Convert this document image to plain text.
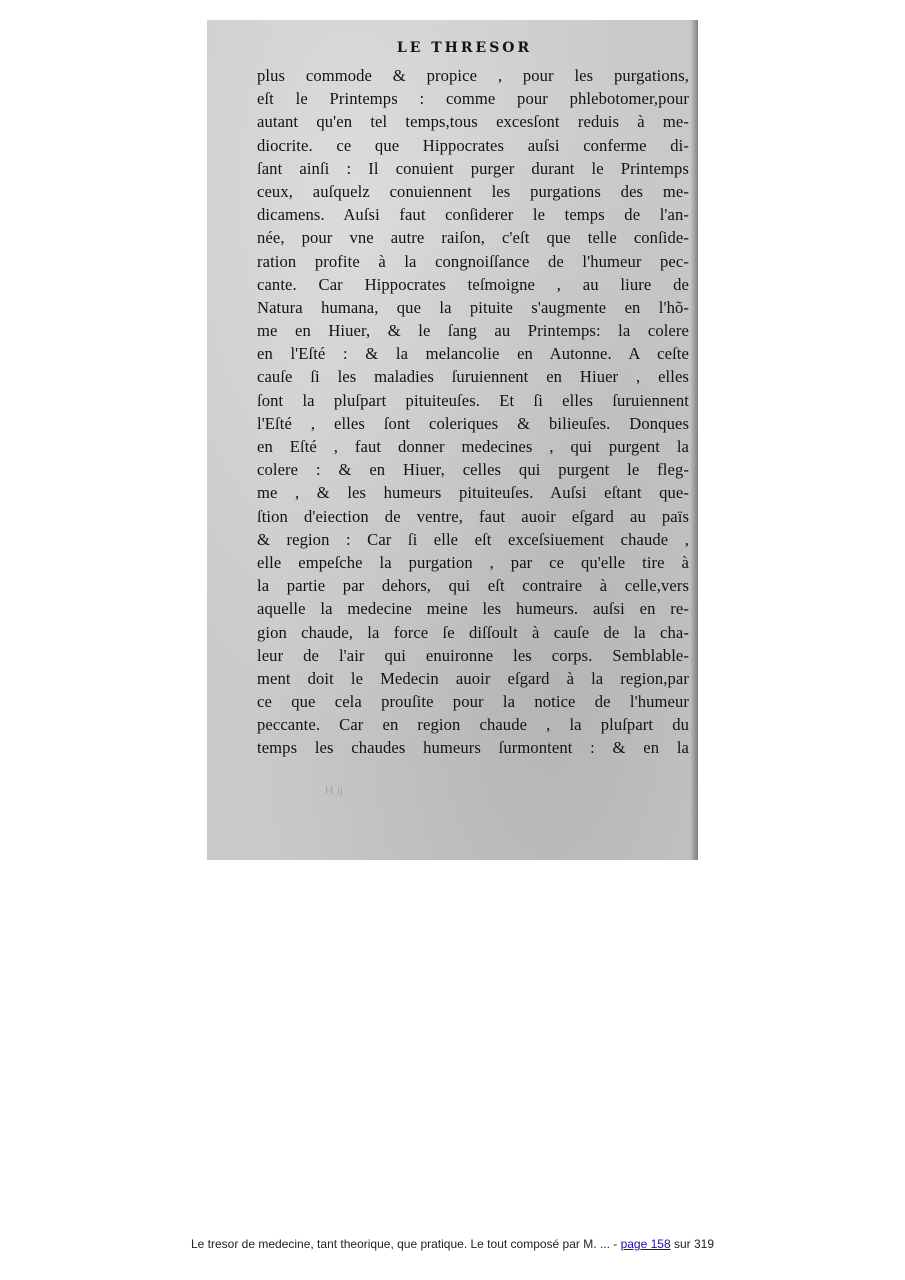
LE THRESOR
plus commode & propice , pour les purgations,
eſt le Printemps : comme pour phlebotomer,pour
autant qu'en tel temps,tous excesſont reduis à me-
diocrite. ce que Hippocrates auſsi conferme di-
ſant ainſi : Il conuient purger durant le Printemps
ceux, auſquelz conuiennent les purgations des me-
dicamens. Auſsi faut conſiderer le temps de l'an-
née, pour vne autre raiſon, c'eſt que telle conſide-
ration profite à la congnoiſſance de l'humeur pec-
cante. Car Hippocrates teſmoigne , au liure de
Natura humana, que la pituite s'augmente en l'hõ-
me en Hiuer, & le ſang au Printemps: la colere
en l'Eſté : & la melancolie en Autonne. A ceſte
cauſe ſi les maladies ſuruiennent en Hiuer , elles
ſont la pluſpart pituiteuſes. Et ſi elles ſuruiennent
l'Eſté , elles ſont coleriques & bilieuſes. Donques
en Eſté , faut donner medecines , qui purgent la
colere : & en Hiuer, celles qui purgent le fleg-
me , & les humeurs pituiteuſes. Auſsi eſtant que-
ſtion d'eiection de ventre, faut auoir eſgard au païs
& region : Car ſi elle eſt exceſsiuement chaude ,
elle empeſche la purgation , par ce qu'elle tire à
la partie par dehors, qui eſt contraire à celle,vers
aquelle la medecine meine les humeurs. auſsi en re-
gion chaude, la force ſe diſſoult à cauſe de la cha-
leur de l'air qui enuironne les corps. Semblable-
ment doit le Medecin auoir eſgard à la region,par
ce que cela prouſite pour la notice de l'humeur
peccante. Car en region chaude , la pluſpart du
temps les chaudes humeurs ſurmontent : & en la
H ij
Le tresor de medecine, tant theorique, que pratique. Le tout composé par M. ... - page 158 sur 319
